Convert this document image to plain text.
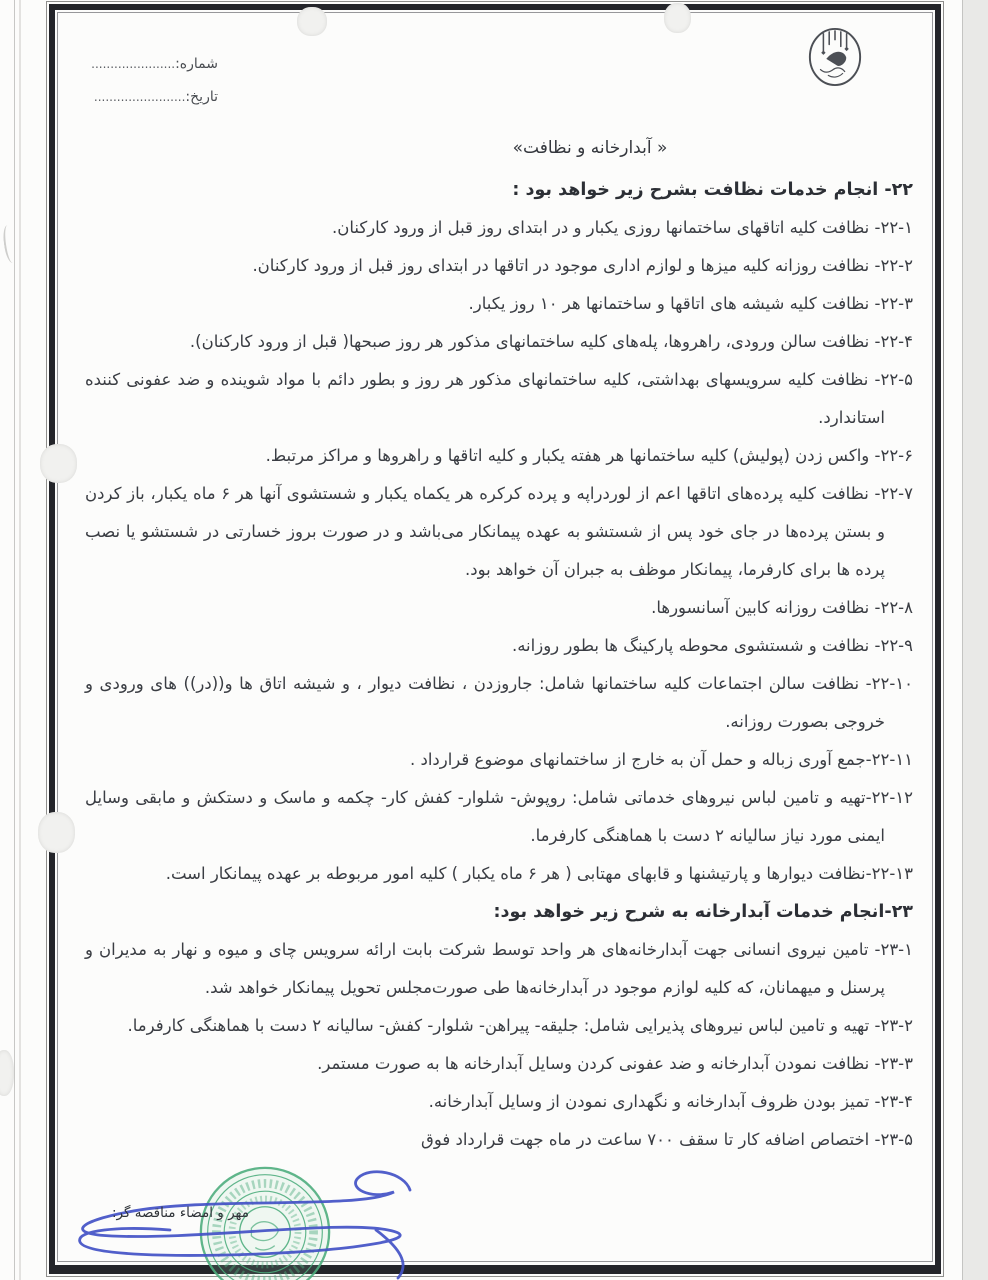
شماره:......................
تاریخ:........................
« آبدارخانه و نظافت»
۲۲- انجام خدمات نظافت بشرح زیر خواهد بود :
۲۲-۱- نظافت کلیه اتاقهای ساختمانها روزی یکبار و در ابتدای روز قبل از ورود کارکنان.
۲۲-۲- نظافت روزانه کلیه میزها و لوازم اداری موجود در اتاقها در ابتدای روز قبل از ورود کارکنان.
۲۲-۳- نظافت کلیه شیشه های اتاقها و ساختمانها هر ۱۰ روز یکبار.
۲۲-۴- نظافت سالن ورودی، راهروها، پله‌های کلیه ساختمانهای مذکور هر روز صبحها( قبل از ورود کارکنان).
۲۲-۵- نظافت کلیه سرویسهای بهداشتی، کلیه ساختمانهای مذکور هر روز و بطور دائم با مواد شوینده و ضد عفونی کننده استاندارد.
۲۲-۶- واکس زدن (پولیش) کلیه ساختمانها هر هفته یکبار و کلیه اتاقها و راهروها و مراکز مرتبط.
۲۲-۷- نظافت کلیه پرده‌های اتاقها اعم از لوردراپه و پرده کرکره هر یکماه یکبار و شستشوی آنها هر ۶ ماه یکبار، باز کردن و بستن پرده‌ها در جای خود پس از شستشو به عهده پیمانکار می‌باشد و در صورت بروز خسارتی در شستشو یا نصب پرده ها برای کارفرما، پیمانکار موظف به جبران آن خواهد بود.
۲۲-۸- نظافت روزانه کابین آسانسورها.
۲۲-۹- نظافت و شستشوی محوطه پارکینگ ها بطور روزانه.
۲۲-۱۰- نظافت سالن اجتماعات کلیه ساختمانها شامل: جاروزدن ، نظافت دیوار ، و شیشه اتاق ها و((در)) های ورودی و خروجی بصورت روزانه.
۲۲-۱۱-جمع آوری زباله و حمل آن به خارج از ساختمانهای موضوع قرارداد .
۲۲-۱۲-تهیه و تامین لباس نیروهای خدماتی شامل: روپوش- شلوار- کفش کار- چکمه و ماسک و دستکش و مابقی وسایل ایمنی مورد نیاز سالیانه ۲ دست با هماهنگی کارفرما.
۲۲-۱۳-نظافت دیوارها و پارتیشنها و قابهای مهتابی ( هر ۶ ماه یکبار ) کلیه امور مربوطه بر عهده پیمانکار است.
۲۳-انجام خدمات آبدارخانه به شرح زیر خواهد بود:
۲۳-۱- تامین نیروی انسانی جهت آبدارخانه‌های هر واحد توسط شرکت بابت ارائه سرویس چای و میوه و نهار به مدیران و پرسنل و میهمانان، که کلیه لوازم موجود در آبدارخانه‌ها طی صورت‌مجلس تحویل پیمانکار خواهد شد.
۲۳-۲- تهیه و تامین لباس نیروهای پذیرایی شامل: جلیقه- پیراهن- شلوار- کفش- سالیانه ۲ دست با هماهنگی کارفرما.
۲۳-۳- نظافت نمودن آبدارخانه و ضد عفونی کردن وسایل آبدارخانه ها به صورت مستمر.
۲۳-۴- تمیز بودن ظروف آبدارخانه و نگهداری نمودن از وسایل آبدارخانه.
۲۳-۵- اختصاص اضافه کار تا سقف ۷۰۰ ساعت در ماه جهت قرارداد فوق
مهر و امضاء مناقصه گر:
